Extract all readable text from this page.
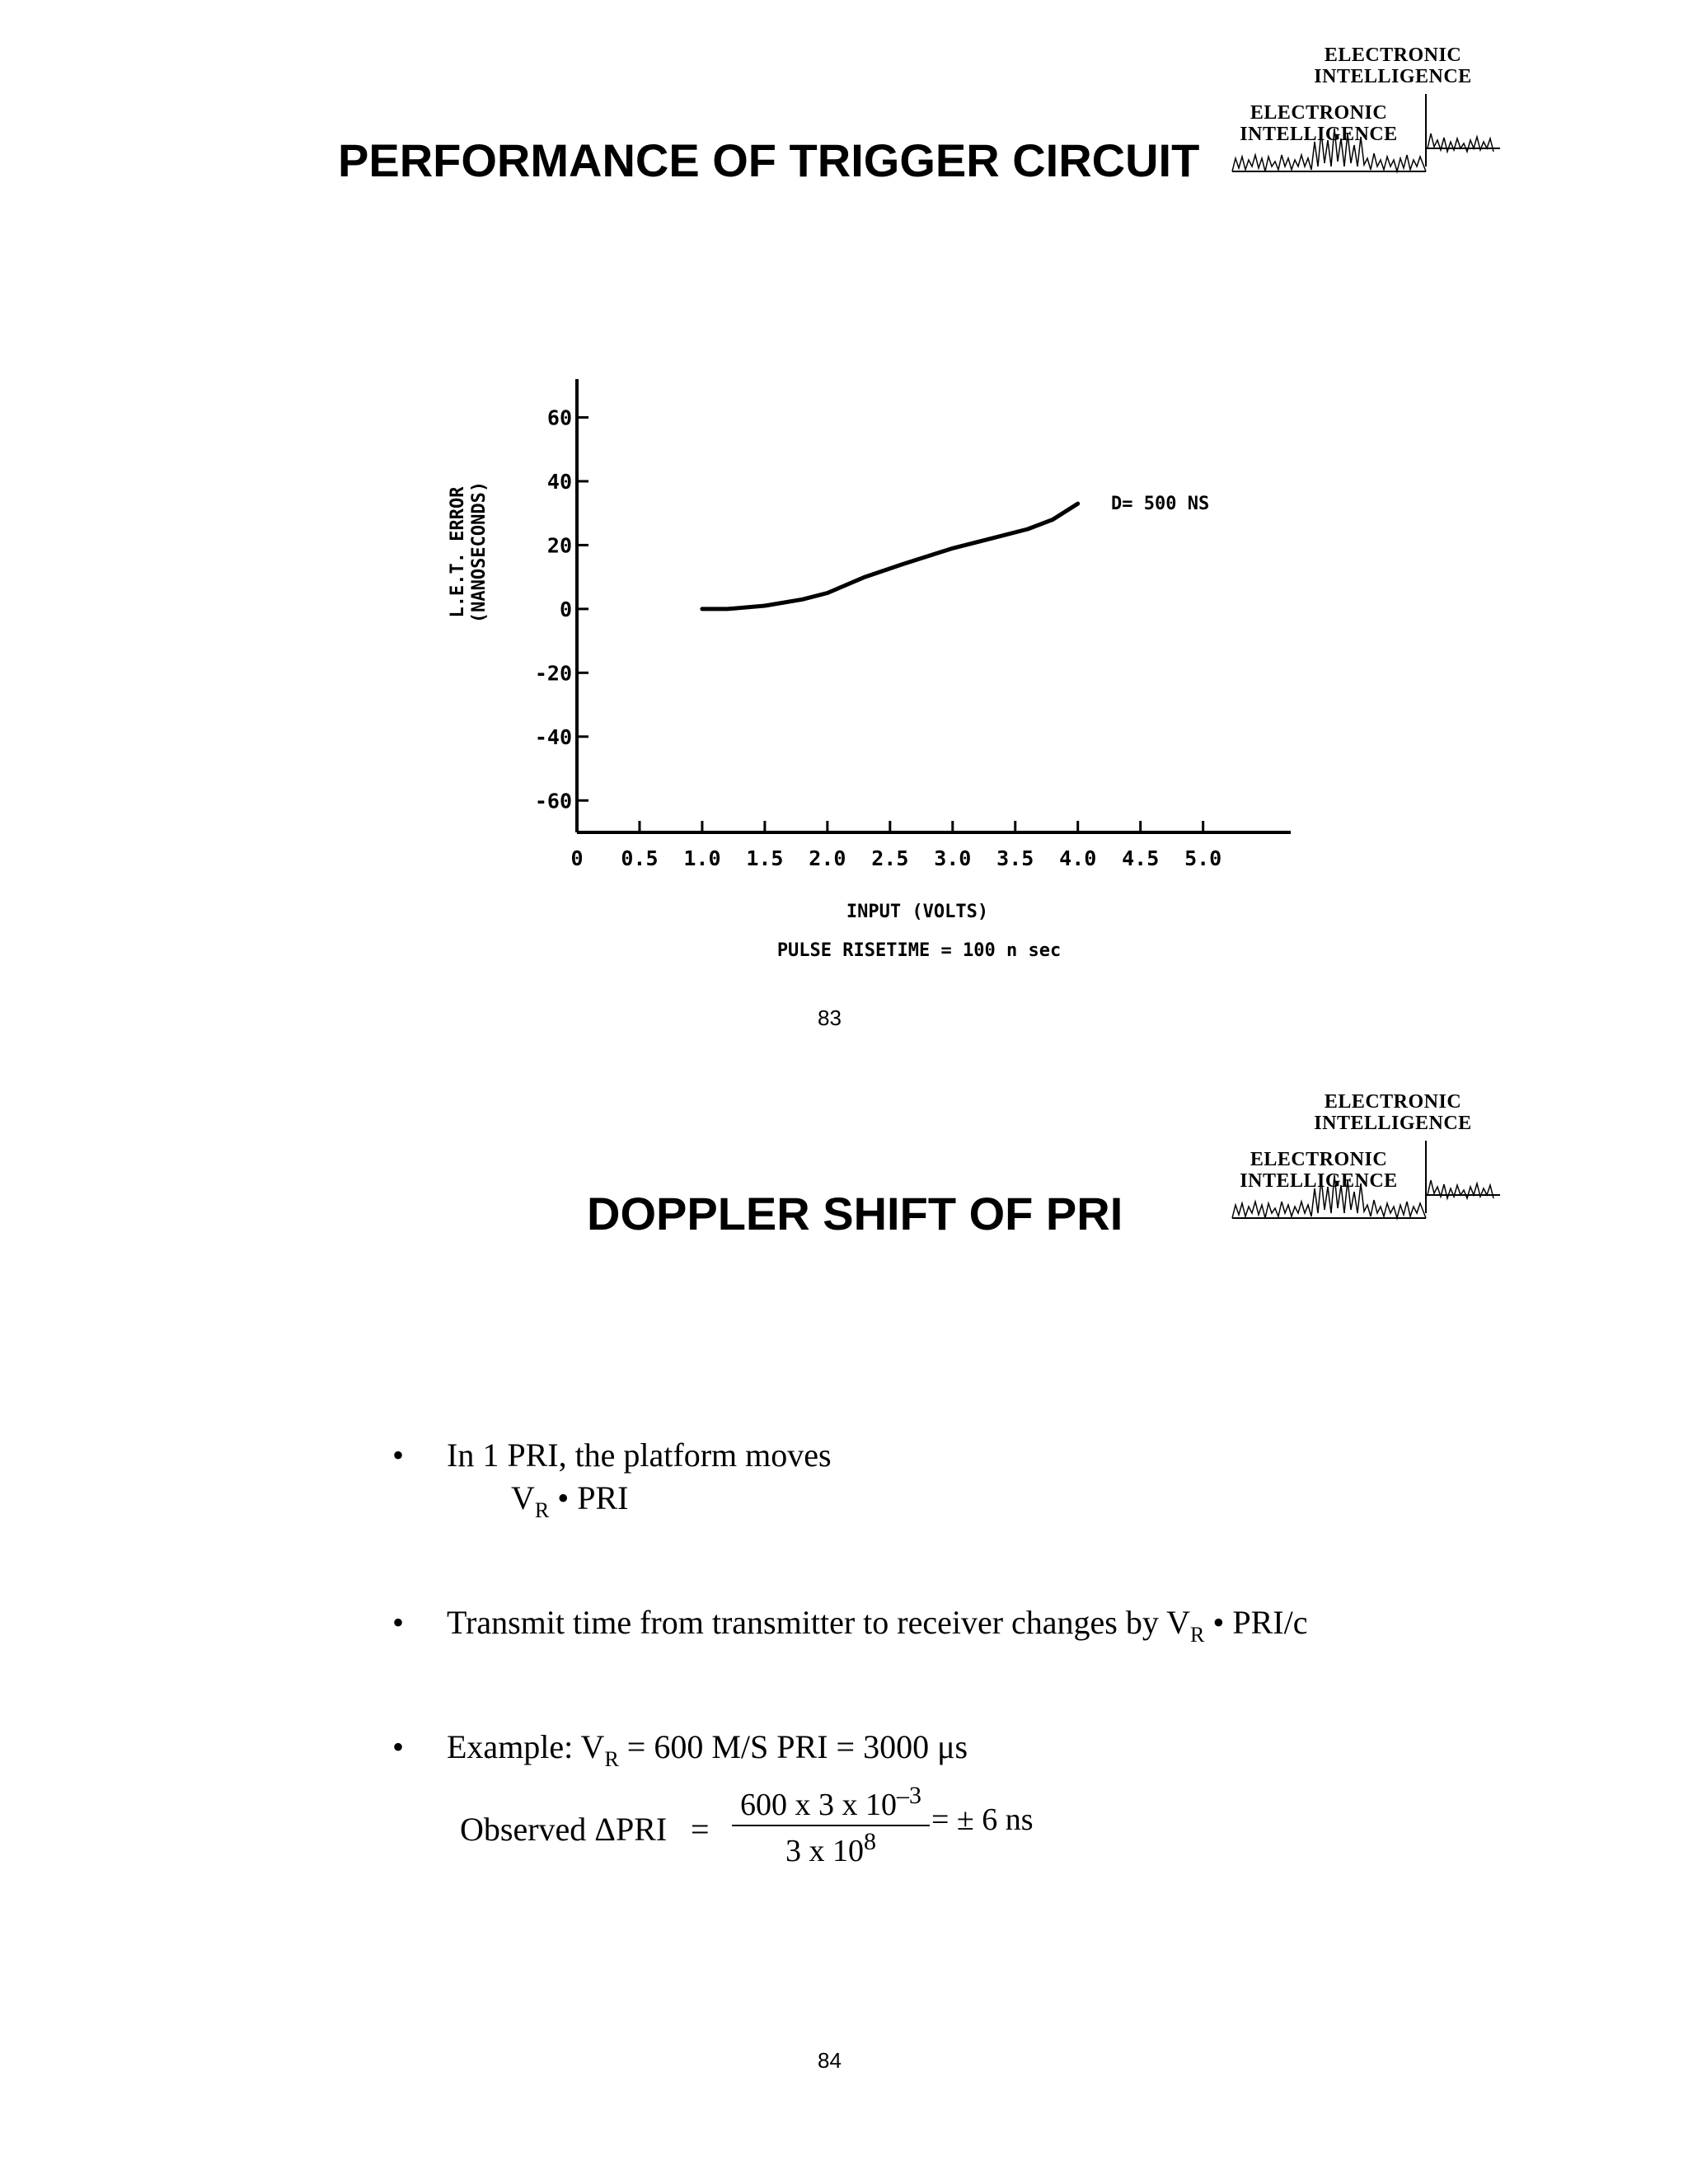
PERFORMANCE OF TRIGGER CIRCUIT
ELECTRONIC
INTELLIGENCE
ELECTRONIC
INTELLIGENCE
60
40
20
0
-20
-40
-60
0 0.5 1.0 1.5 2.0 2.5 3.0 3.5 4.0 4.5 5.0
L.E.T. ERROR (NANOSECONDS)
INPUT (VOLTS)
PULSE RISETIME = 100 n sec
D= 500 NS
83
DOPPLER SHIFT OF PRI
ELECTRONIC
INTELLIGENCE
ELECTRONIC
INTELLIGENCE
• In 1 PRI, the platform moves
$V_R$ • PRI
• Transmit time from transmitter to receiver changes by $V_R$ • PRI/c
• Example: $V_R = 600$ M/S PRI = 3000 μs
Observed ΔPRI =
600 x 3 x $10^{-3}$
3 x $10^8$
= ± 6 ns
84
